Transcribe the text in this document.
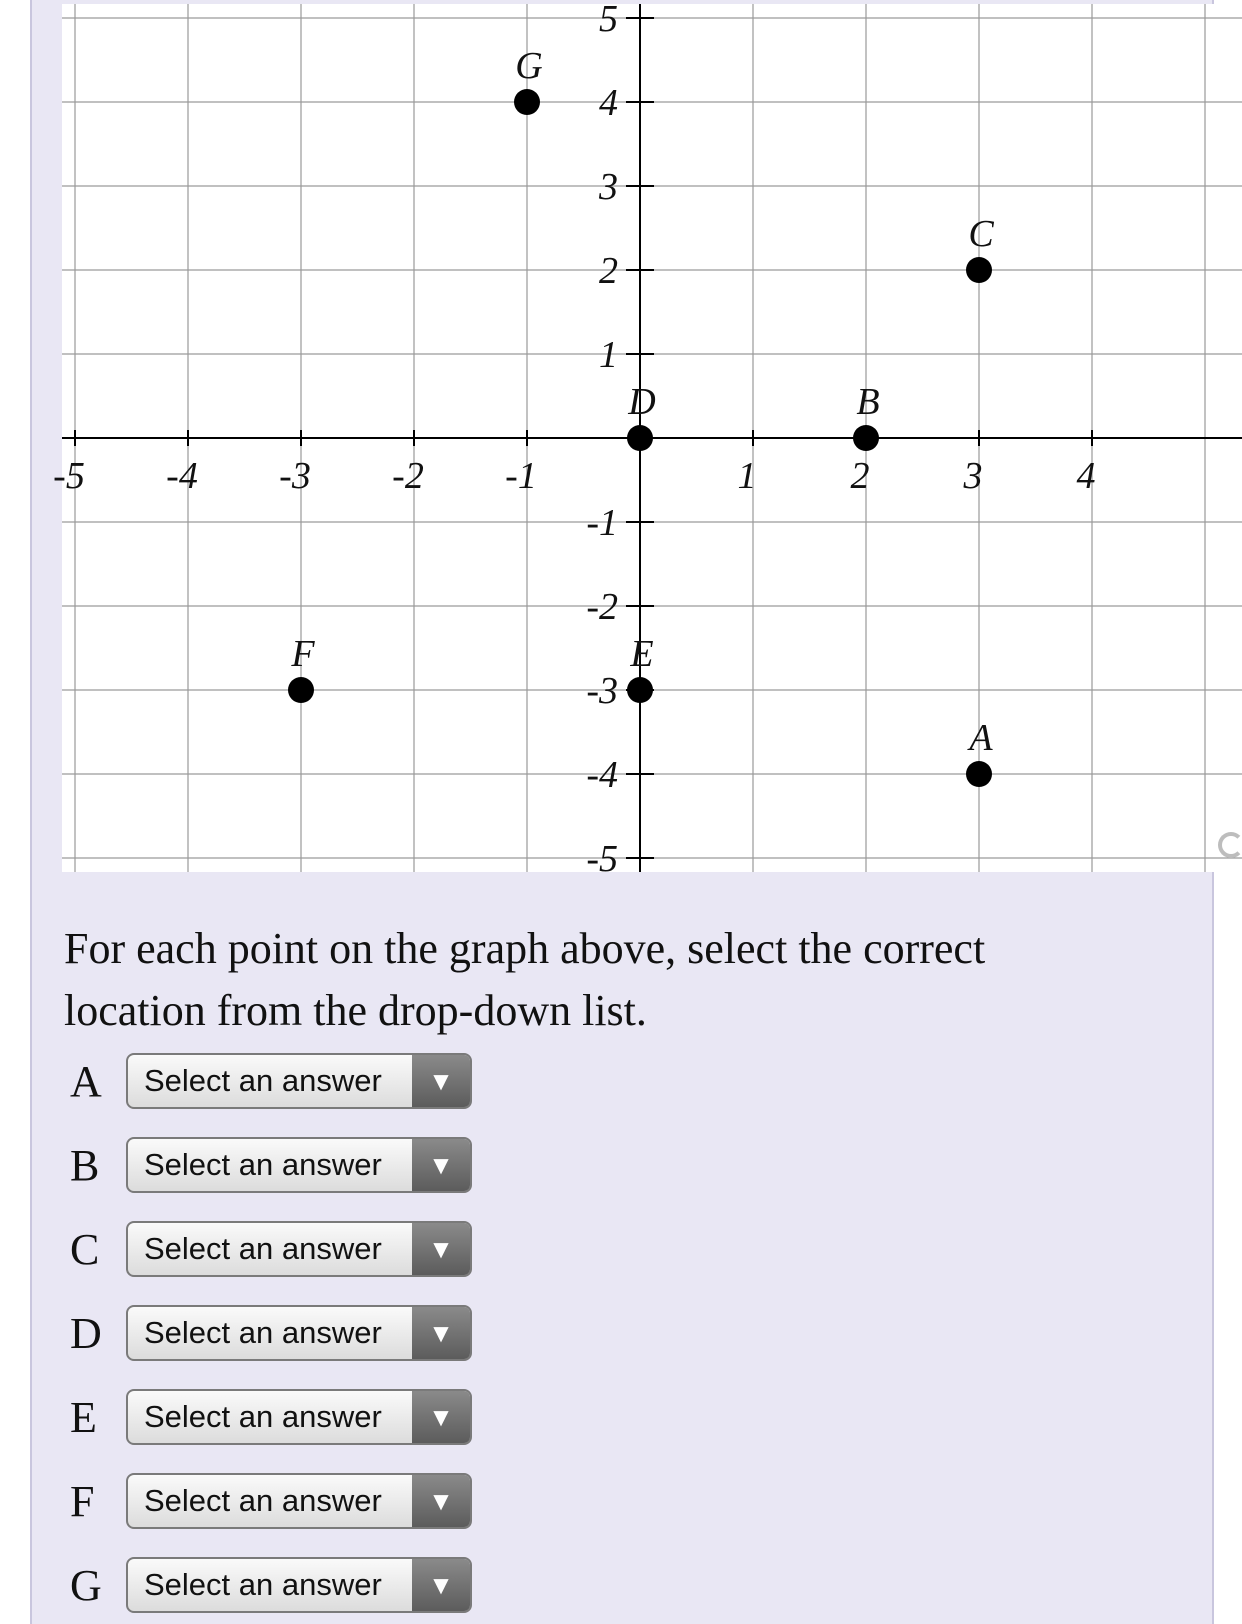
-5 -4 -3 -2 -1	1 2 3 4
5
4
3
2
1
-1
-2
-3
-4
-5
G
C
D	B
F	E
A
For each point on the graph above, select the correct location from the drop-down list.
A	Select an answer	▼
B	Select an answer	▼
C	Select an answer	▼
D	Select an answer	▼
E	Select an answer	▼
F	Select an answer	▼
G	Select an answer	▼
